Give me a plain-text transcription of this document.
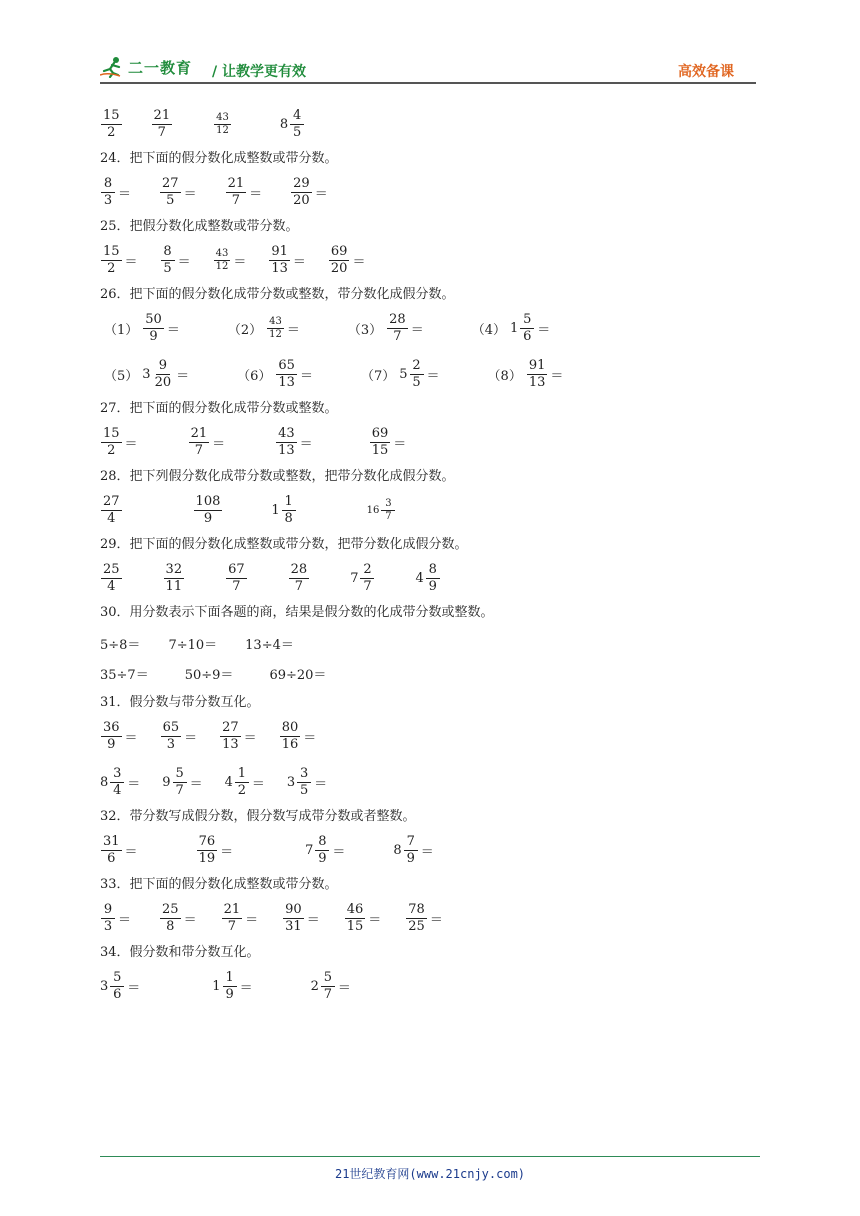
二一教育 / 让教学更有效	高效备课
$\frac{15}{2} \frac{21}{7}$	$\frac{43}{12}$	$8 \frac{4}{5}$
24．把下面的假分数化成整数或带分数。
$\frac{8}{3} = \frac{27}{5} = \frac{21}{7} = \frac{29}{20}$ ＝
25．把假分数化成整数或带分数。
$\frac{15}{2} = \frac{8}{5} = \frac{43}{12} = \frac{91}{13} = \frac{69}{20}$ ＝
26．把下面的假分数化成带分数或整数，带分数化成假分数。
$(1) \frac{50}{9}$ ＝	$(2) \frac{43}{12}$ ＝	$(3) \frac{28}{7}$ ＝	（4） $1 \frac{5}{6}$ ＝
（5） $3 \frac{9}{20}$ ＝	$(6) \frac{65}{13}$ ＝	（7） $5 \frac{2}{5}$ ＝	$(8) \frac{91}{13}$ ＝
27．把下面的假分数化成带分数或整数。
$\frac{15}{2}$ ＝	$\frac{21}{7}$ ＝	$\frac{43}{13}$ ＝	$\frac{69}{15}$ ＝
28．把下列假分数化成带分数或整数，把带分数化成假分数。
$\frac{27}{4}$	$\frac{108}{9}$	$1 \frac{1}{8}$	$16 \frac{3}{7}$
29．把下面的假分数化成整数或带分数，把带分数化成假分数。
$\frac{25}{4}$	$\frac{32}{11}$	$\frac{67}{7}$	$\frac{28}{7}$	$7 \frac{2}{7}$	$4 \frac{8}{9}$
30．用分数表示下面各题的商，结果是假分数的化成带分数或整数。
5÷8＝ 7÷10＝ 13÷4＝
35÷7＝	50÷9＝	69÷20＝
31．假分数与带分数互化。
$\frac{36}{9} = \frac{65}{3} = \frac{27}{13} = \frac{80}{16}$ ＝
$8 \frac{3}{4} = 9 \frac{5}{7} = 4 \frac{1}{2} = 3 \frac{3}{5}$ ＝
32．带分数写成假分数，假分数写成带分数或者整数。
$\frac{31}{6}$ ＝	$\frac{76}{19}$ ＝	$7 \frac{8}{9}$ ＝	$8 \frac{7}{9}$ ＝
33．把下面的假分数化成整数或带分数。
$\frac{9}{3} = \frac{25}{8} = \frac{21}{7} = \frac{90}{31} = \frac{46}{15} = \frac{78}{25}$ ＝
34．假分数和带分数互化。
$3 \frac{5}{6}$ ＝	$1 \frac{1}{9}$ ＝	$2 \frac{5}{7}$ ＝
21世纪教育网(www.21cnjy.com)
